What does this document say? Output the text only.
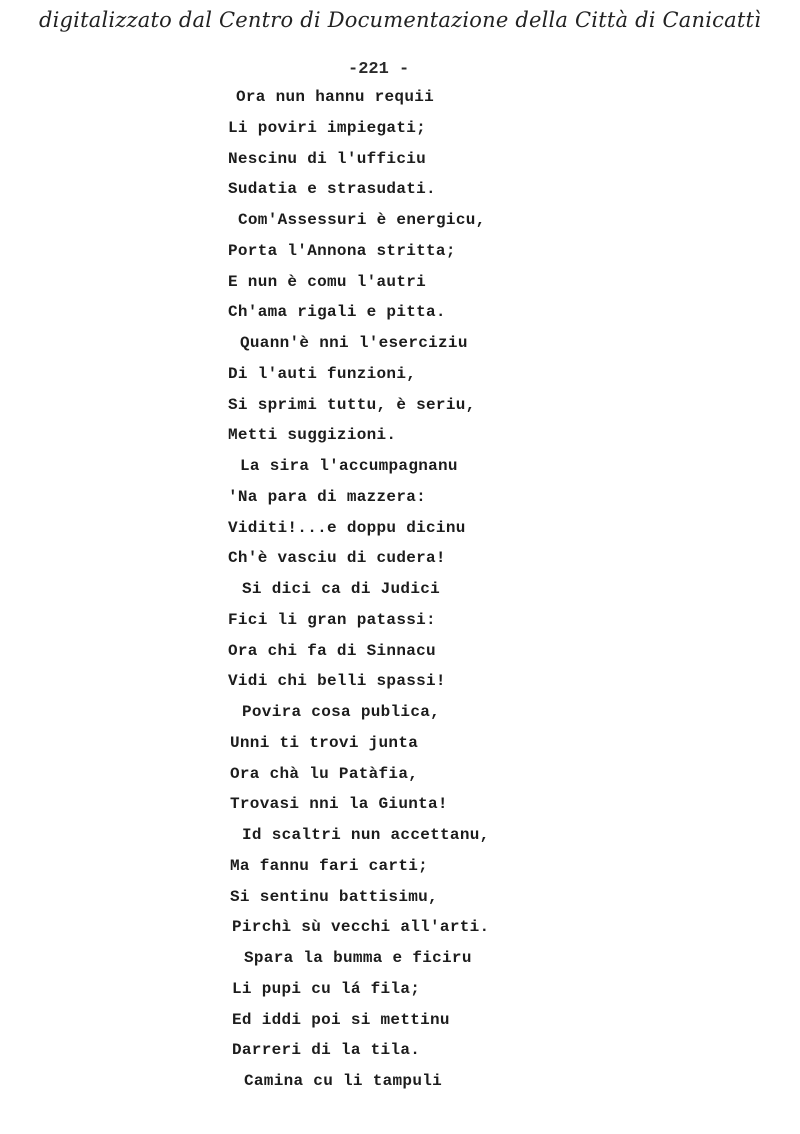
digitalizzato dal Centro di Documentazione della Città di Canicattì
-221 -
Ora nun hannu requii
Li poviri impiegati;
Nescinu di l'ufficiu
Sudatia e strasudati.
Com'Assessuri è energicu,
Porta l'Annona stritta;
E nun è comu l'autri
Ch'ama rigali e pitta.
Quann'è nni l'eserciziu
Di l'auti funzioni,
Si sprimi tuttu, è seriu,
Metti suggizioni.
La sira l'accumpagnanu
'Na para di mazzera:
Viditi!...e doppu dicinu
Ch'è vasciu di cudera!
Si dici ca di Judici
Fici li gran patassi:
Ora chi fa di Sinnacu
Vidi chi belli spassi!
Povira cosa publica,
Unni ti trovi junta
Ora chà lu Patàfia,
Trovasi nni la Giunta!
Id scaltri nun accettanu,
Ma fannu fari carti;
Si sentinu battisimu,
Pirchì sù vecchi all'arti.
Spara la bumma e ficiru
Li pupi cu lá fila;
Ed iddi poi si mettinu
Darreri di la tila.
Camina cu li tampuli
